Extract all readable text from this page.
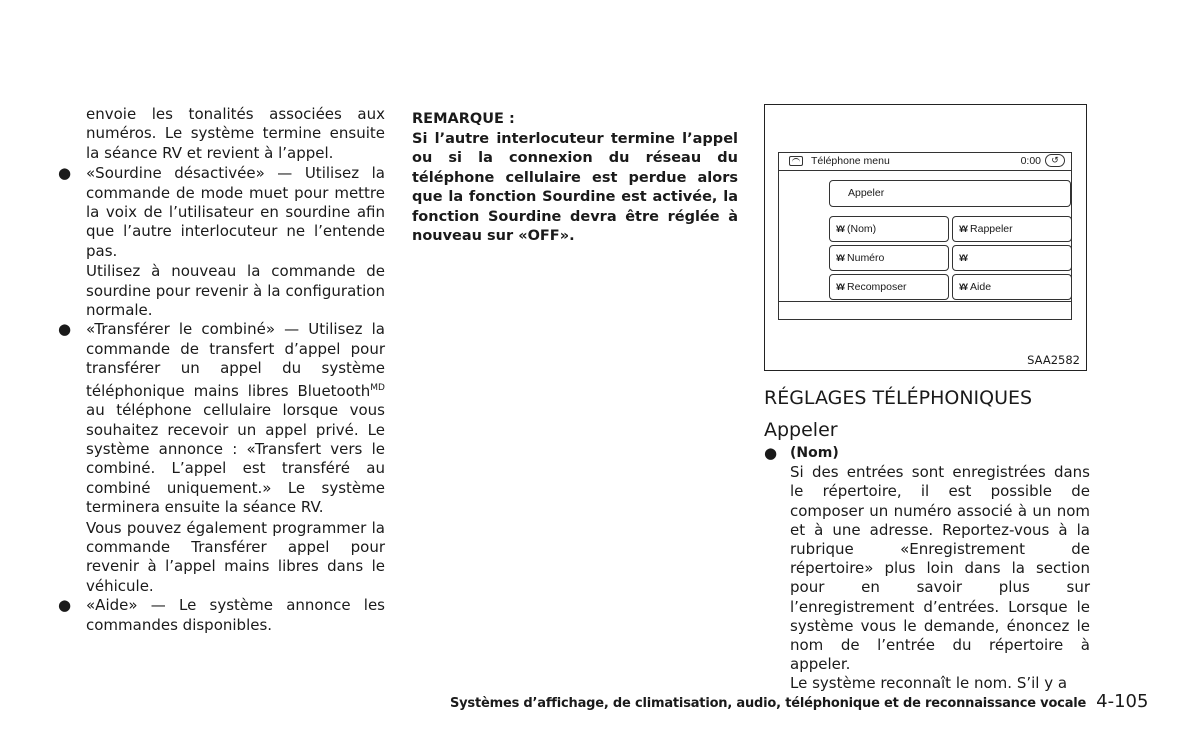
envoie les tonalités associées aux numéros. Le système termine ensuite la séance RV et revient à l’appel.

● «Sourdine désactivée» — Utilisez la commande de mode muet pour mettre la voix de l’utilisateur en sourdine afin que l’autre interlocuteur ne l’entende pas.

Utilisez à nouveau la commande de sourdine pour revenir à la configuration normale.

● «Transférer le combiné» — Utilisez la commande de transfert d’appel pour transférer un appel du système téléphonique mains libres Bluetooth$^{MD}$ au téléphone cellulaire lorsque vous souhaitez recevoir un appel privé. Le système annonce : «Transfert vers le combiné. L’appel est transféré au combiné uniquement.» Le système terminera ensuite la séance RV.

Vous pouvez également programmer la commande Transférer appel pour revenir à l’appel mains libres dans le véhicule.

● «Aide» — Le système annonce les commandes disponibles.

REMARQUE :

Si l’autre interlocuteur termine l’appel ou si la connexion du réseau du téléphone cellulaire est perdue alors que la fonction Sourdine est activée, la fonction Sourdine devra être réglée à nouveau sur «OFF».

Téléphone menu	0:00	↺
Appeler
¥¥ (Nom)	¥¥ Rappeler
¥¥ Numéro	¥¥
¥¥ Recomposer	¥¥ Aide
SAA2582
RÉGLAGES TÉLÉPHONIQUES
Appeler
● (Nom)

Si des entrées sont enregistrées dans le répertoire, il est possible de composer un numéro associé à un nom et à une adresse. Reportez-vous à la rubrique «Enregistrement de répertoire» plus loin dans la section pour en savoir plus sur l’enregistrement d’entrées. Lorsque le système vous le demande, énoncez le nom de l’entrée du répertoire à appeler.

Le système reconnaît le nom. S’il y a

Systèmes d’affichage, de climatisation, audio, téléphonique et de reconnaissance vocale 4-105
